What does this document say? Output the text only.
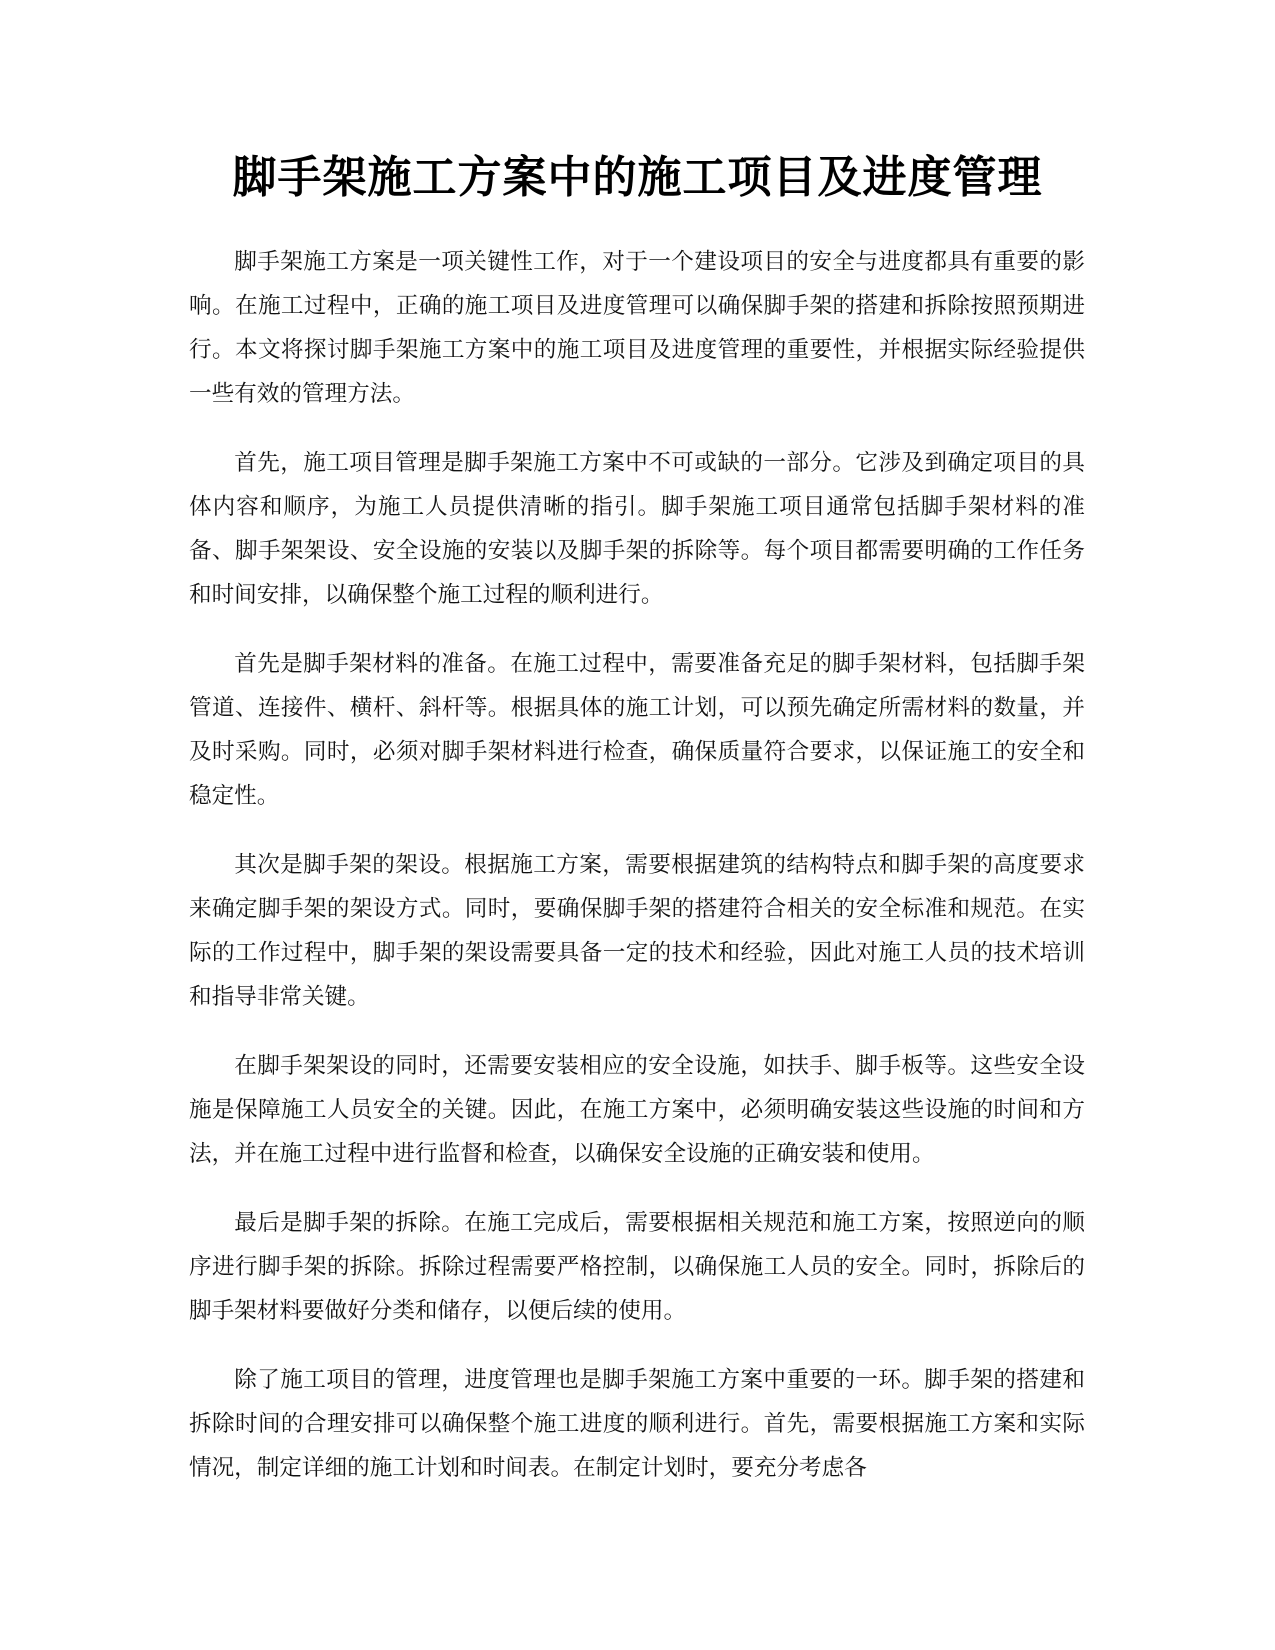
脚手架施工方案中的施工项目及进度管理

脚手架施工方案是一项关键性工作，对于一个建设项目的安全与进度都具有重要的影响。在施工过程中，正确的施工项目及进度管理可以确保脚手架的搭建和拆除按照预期进行。本文将探讨脚手架施工方案中的施工项目及进度管理的重要性，并根据实际经验提供一些有效的管理方法。

首先，施工项目管理是脚手架施工方案中不可或缺的一部分。它涉及到确定项目的具体内容和顺序，为施工人员提供清晰的指引。脚手架施工项目通常包括脚手架材料的准备、脚手架架设、安全设施的安装以及脚手架的拆除等。每个项目都需要明确的工作任务和时间安排，以确保整个施工过程的顺利进行。

首先是脚手架材料的准备。在施工过程中，需要准备充足的脚手架材料，包括脚手架管道、连接件、横杆、斜杆等。根据具体的施工计划，可以预先确定所需材料的数量，并及时采购。同时，必须对脚手架材料进行检查，确保质量符合要求，以保证施工的安全和稳定性。

其次是脚手架的架设。根据施工方案，需要根据建筑的结构特点和脚手架的高度要求来确定脚手架的架设方式。同时，要确保脚手架的搭建符合相关的安全标准和规范。在实际的工作过程中，脚手架的架设需要具备一定的技术和经验，因此对施工人员的技术培训和指导非常关键。

在脚手架架设的同时，还需要安装相应的安全设施，如扶手、脚手板等。这些安全设施是保障施工人员安全的关键。因此，在施工方案中，必须明确安装这些设施的时间和方法，并在施工过程中进行监督和检查，以确保安全设施的正确安装和使用。

最后是脚手架的拆除。在施工完成后，需要根据相关规范和施工方案，按照逆向的顺序进行脚手架的拆除。拆除过程需要严格控制，以确保施工人员的安全。同时，拆除后的脚手架材料要做好分类和储存，以便后续的使用。

除了施工项目的管理，进度管理也是脚手架施工方案中重要的一环。脚手架的搭建和拆除时间的合理安排可以确保整个施工进度的顺利进行。首先，需要根据施工方案和实际情况，制定详细的施工计划和时间表。在制定计划时，要充分考虑各
